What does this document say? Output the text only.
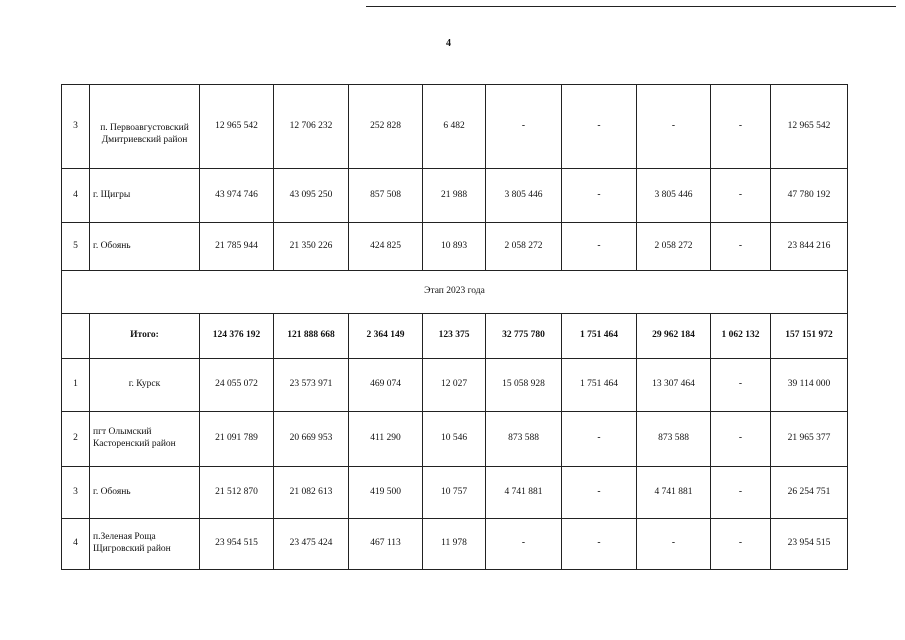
4
3	п. Первоавгустовский Дмитриевский район	12 965 542	12 706 232	252 828	6 482	-	-	-	-	12 965 542
4	г. Щигры	43 974 746	43 095 250	857 508	21 988	3 805 446	-	3 805 446	-	47 780 192
5	г. Обоянь	21 785 944	21 350 226	424 825	10 893	2 058 272	-	2 058 272	-	23 844 216
Этап 2023 года										
	Итого:	124 376 192	121 888 668	2 364 149	123 375	32 775 780	1 751 464	29 962 184	1 062 132	157 151 972
1	г. Курск	24 055 072	23 573 971	469 074	12 027	15 058 928	1 751 464	13 307 464	-	39 114 000
2	пгт Олымский Касторенский район	21 091 789	20 669 953	411 290	10 546	873 588	-	873 588	-	21 965 377
3	г. Обоянь	21 512 870	21 082 613	419 500	10 757	4 741 881	-	4 741 881	-	26 254 751
4	п.Зеленая Роща Щигровский район	23 954 515	23 475 424	467 113	11 978	-	-	-	-	23 954 515
